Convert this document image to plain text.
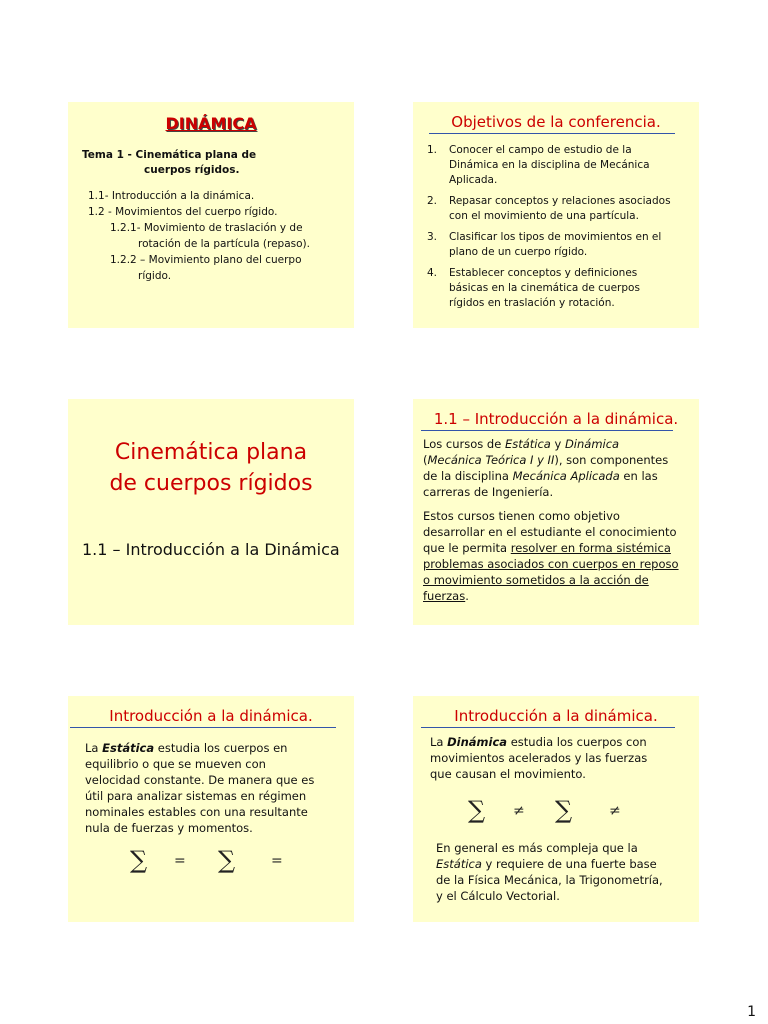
DINÁMICA
Tema 1 - Cinemática plana de
cuerpos rígidos.
1.1- Introducción a la dinámica.
1.2 - Movimientos del cuerpo rígido.
1.2.1- Movimiento de traslación y de
rotación de la partícula (repaso).
1.2.2 – Movimiento plano del cuerpo
rígido.
Objetivos de la conferencia.
1.	Conocer el campo de estudio de la
Dinámica en la disciplina de Mecánica
Aplicada.
2.	Repasar conceptos y relaciones asociados
con el movimiento de una partícula.
3.	Clasificar los tipos de movimientos en el
plano de un cuerpo rígido.
4.	Establecer conceptos y definiciones
básicas en la cinemática de cuerpos
rígidos en traslación y rotación.
Cinemática plana
de cuerpos rígidos
1.1 – Introducción a la Dinámica
1.1 – Introducción a la dinámica.

Los cursos de Estática y Dinámica
(Mecánica Teórica I y II), son componentes
de la disciplina Mecánica Aplicada en las
carreras de Ingeniería.

Estos cursos tienen como objetivo
desarrollar en el estudiante el conocimiento
que le permita resolver en forma sistémica
problemas asociados con cuerpos en reposo
o movimiento sometidos a la acción de
fuerzas.

Introducción a la dinámica.
La Estática estudia los cuerpos en
equilibrio o que se mueven con
velocidad constante. De manera que es
útil para analizar sistemas en régimen
nominales estables con una resultante
nula de fuerzas y momentos.
∑ = ∑	=
Introducción a la dinámica.
La Dinámica estudia los cuerpos con
movimientos acelerados y las fuerzas
que causan el movimiento.
∑ ≠ ∑	≠
En general es más compleja que la
Estática y requiere de una fuerte base
de la Física Mecánica, la Trigonometría,
y el Cálculo Vectorial.
1
